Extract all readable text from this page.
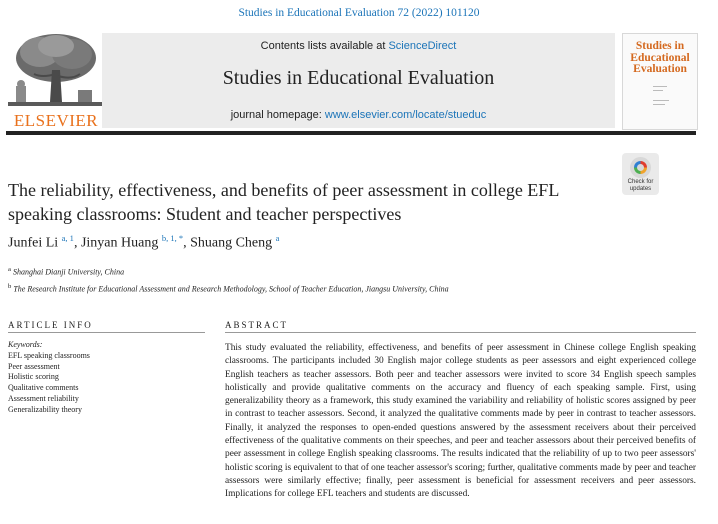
Studies in Educational Evaluation 72 (2022) 101120
ELSEVIER
Contents lists available at ScienceDirect
Studies in Educational Evaluation
journal homepage: www.elsevier.com/locate/stueduc
Studies in Educational Evaluation
Check for updates
The reliability, effectiveness, and benefits of peer assessment in college EFL speaking classrooms: Student and teacher perspectives
Junfei Li $^{a, 1}$, Jinyan Huang $^{b, 1, *}$, Shuang Cheng $^a$
$^a$ Shanghai Dianji University, China
$^b$ The Research Institute for Educational Assessment and Research Methodology, School of Teacher Education, Jiangsu University, China
ARTICLE INFO
Keywords:
EFL speaking classrooms
Peer assessment
Holistic scoring
Qualitative comments
Assessment reliability
Generalizability theory
ABSTRACT
This study evaluated the reliability, effectiveness, and benefits of peer assessment in Chinese college English speaking classrooms. The participants included 30 English major college students as peer assessors and eight experienced college English teachers as teacher assessors. Both peer and teacher assessors were invited to score 34 English speech samples holistically and provide qualitative comments on the accuracy and fluency of each speaking sample. First, using generalizability theory as a framework, this study examined the variability and reliability of holistic scores assigned by peer in contrast to teacher assessors. Second, it analyzed the qualitative comments made by peer in contrast to teacher assessors. Finally, it analyzed the responses to open-ended questions answered by the assessment receivers about their perceived effectiveness of the qualitative comments on their speeches, and peer and teacher assessors about their perceived benefits of peer assessment in college English speaking classrooms. The results indicated that the reliability of up to two peer assessors' holistic scoring is equivalent to that of one teacher assessor's scoring; further, qualitative comments made by peer and teacher assessors were similarly effective; finally, peer assessment is beneficial for assessment receivers and peer assessors. Implications for college EFL teachers and students are discussed.
